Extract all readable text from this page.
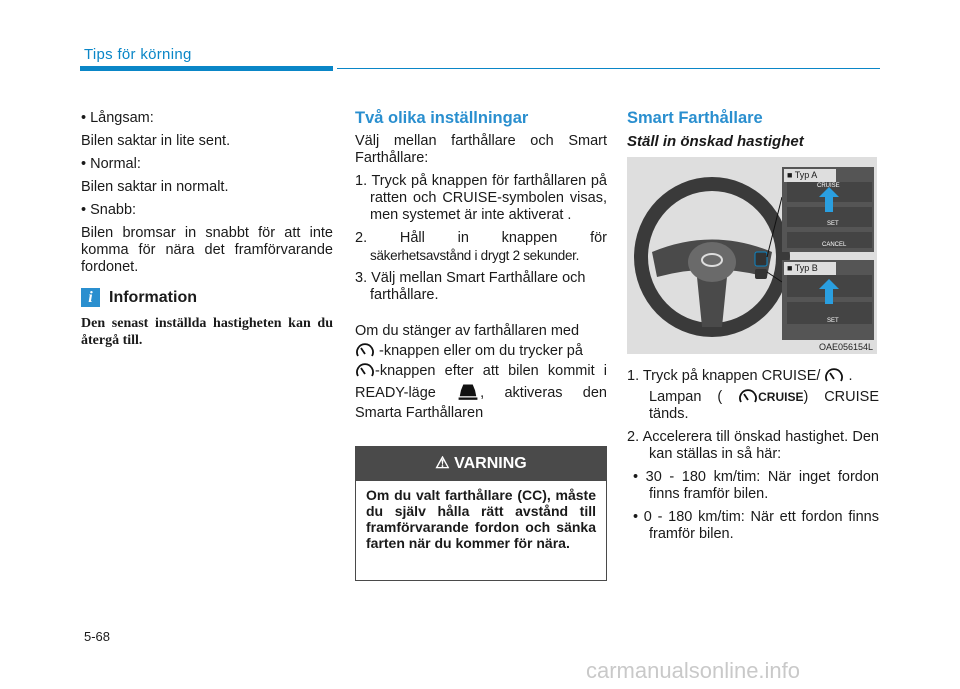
Tips för körning

• Långsam:

Bilen saktar in lite sent.

• Normal:

Bilen saktar in normalt.

• Snabb:

Bilen bromsar in snabbt för att inte komma för nära det framförvarande fordonet.

i	Information
Den senast inställda hastigheten kan du återgå till.
Två olika inställningar

Välj mellan farthållare och Smart Farthållare:

1. Tryck på knappen för farthållaren på ratten och CRUISE-symbolen visas, men systemet är inte aktiverat .

2. Håll in knappen för

säkerhetsavstånd i drygt 2 sekunder.

3. Välj mellan Smart Farthållare och farthållare.

Om du stänger av farthållaren med
-knappen eller om du trycker på
-knappen efter att bilen kommit i READY-läge	, aktiveras den Smarta Farthållaren

⚠ VARNING
Om du valt farthållare (CC), måste du själv hålla rätt avstånd till framförvarande fordon och sänka farten när du kommer för nära.
Smart Farthållare
Ställ in önskad hastighet
■ Typ A
CRUISE
SET
CANCEL
■ Typ B
SET
OAE056154L

1. Tryck på knappen CRUISE/ .

Lampan (	CRUISE) CRUISE tänds.

2. Accelerera till önskad hastighet. Den kan ställas in så här:

• 30 - 180 km/tim: När inget fordon finns framför bilen.

• 0 - 180 km/tim: När ett fordon finns framför bilen.

5-68
carmanualsonline.info
